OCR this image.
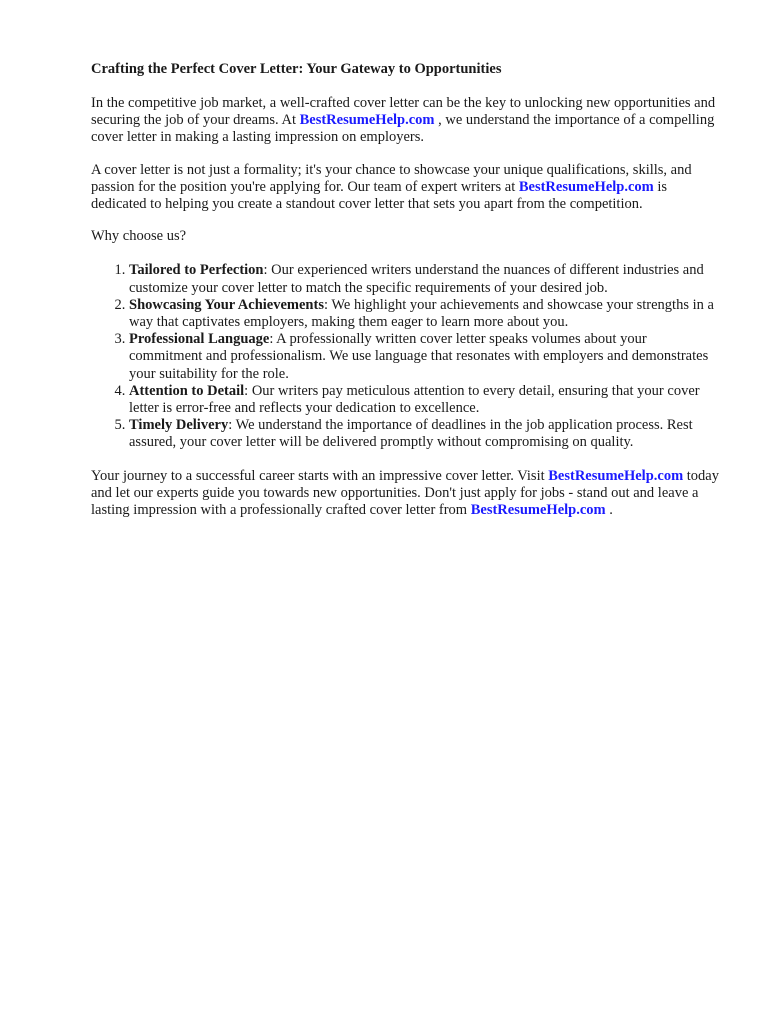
Crafting the Perfect Cover Letter: Your Gateway to Opportunities

In the competitive job market, a well-crafted cover letter can be the key to unlocking new opportunities and securing the job of your dreams. At BestResumeHelp.com , we understand the importance of a compelling cover letter in making a lasting impression on employers.

A cover letter is not just a formality; it's your chance to showcase your unique qualifications, skills, and passion for the position you're applying for. Our team of expert writers at BestResumeHelp.com is dedicated to helping you create a standout cover letter that sets you apart from the competition.

Why choose us?

1. Tailored to Perfection: Our experienced writers understand the nuances of different industries and customize your cover letter to match the specific requirements of your desired job.
2. Showcasing Your Achievements: We highlight your achievements and showcase your strengths in a way that captivates employers, making them eager to learn more about you.
3. Professional Language: A professionally written cover letter speaks volumes about your commitment and professionalism. We use language that resonates with employers and demonstrates your suitability for the role.
4. Attention to Detail: Our writers pay meticulous attention to every detail, ensuring that your cover letter is error-free and reflects your dedication to excellence.
5. Timely Delivery: We understand the importance of deadlines in the job application process. Rest assured, your cover letter will be delivered promptly without compromising on quality.

Your journey to a successful career starts with an impressive cover letter. Visit BestResumeHelp.com today and let our experts guide you towards new opportunities. Don't just apply for jobs - stand out and leave a lasting impression with a professionally crafted cover letter from BestResumeHelp.com .
